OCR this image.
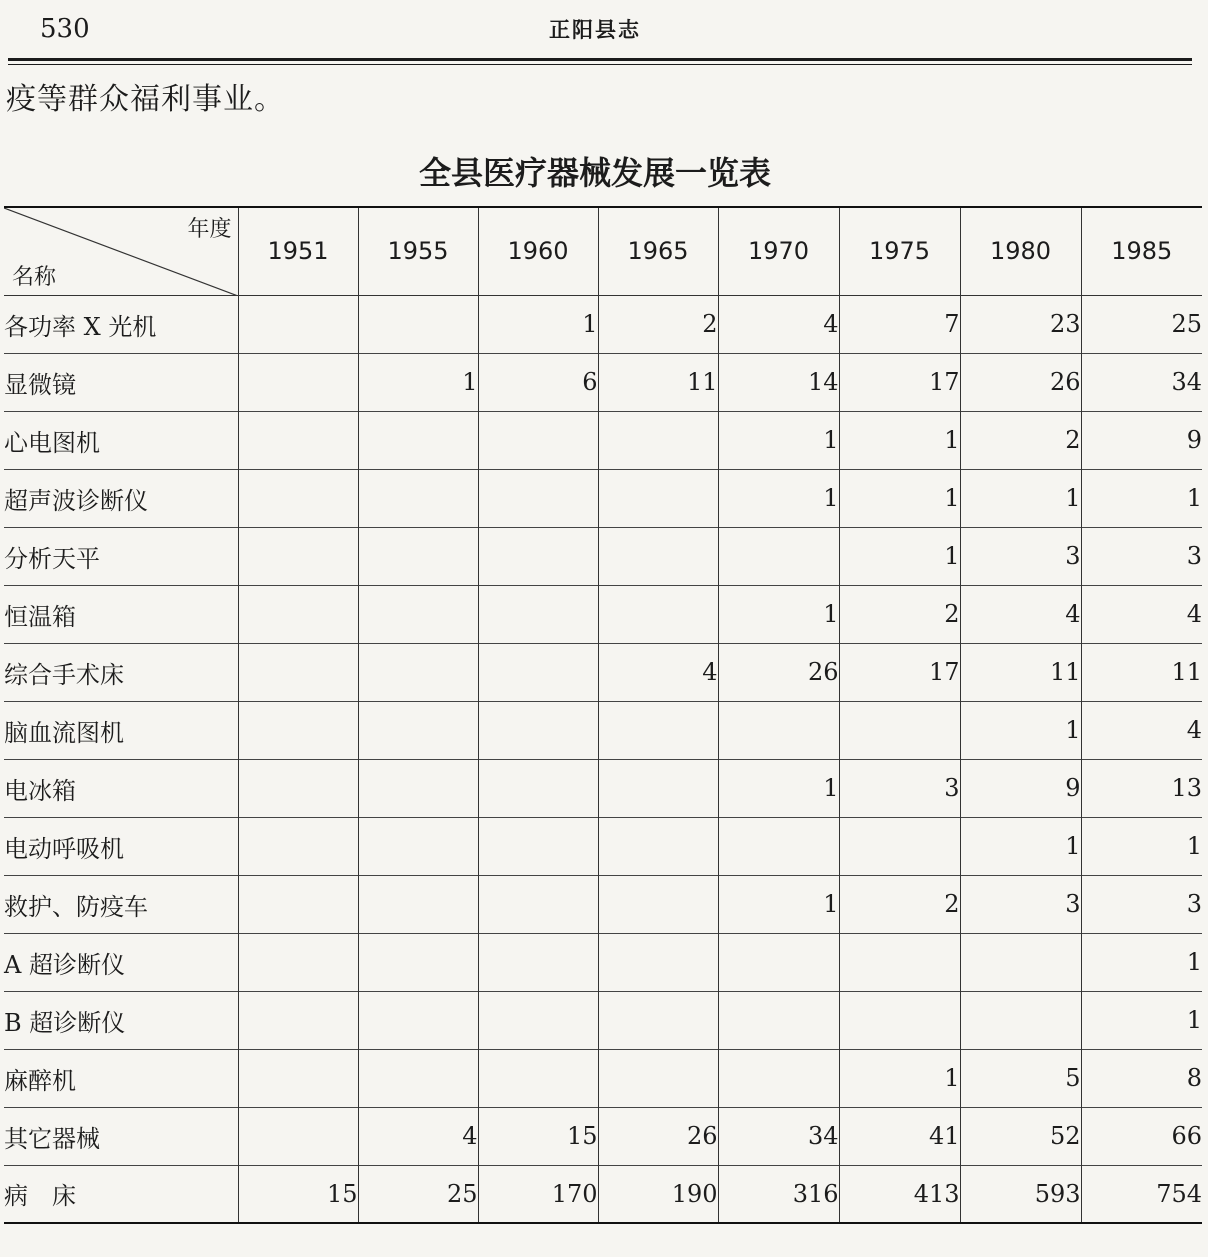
530	正阳县志
疫等群众福利事业。
全县医疗器械发展一览表
年度
名称	1951	1955	1960	1965	1970	1975	1980	1985
各功率 X 光机			1	2	4	7	23	25
显微镜		1	6	11	14	17	26	34
心电图机					1	1	2	9
超声波诊断仪					1	1	1	1
分析天平						1	3	3
恒温箱					1	2	4	4
综合手术床				4	26	17	11	11
脑血流图机							1	4
电冰箱					1	3	9	13
电动呼吸机							1	1
救护、防疫车					1	2	3	3
A 超诊断仪								1
B 超诊断仪								1
麻醉机						1	5	8
其它器械		4	15	26	34	41	52	66
病　床	15	25	170	190	316	413	593	754
